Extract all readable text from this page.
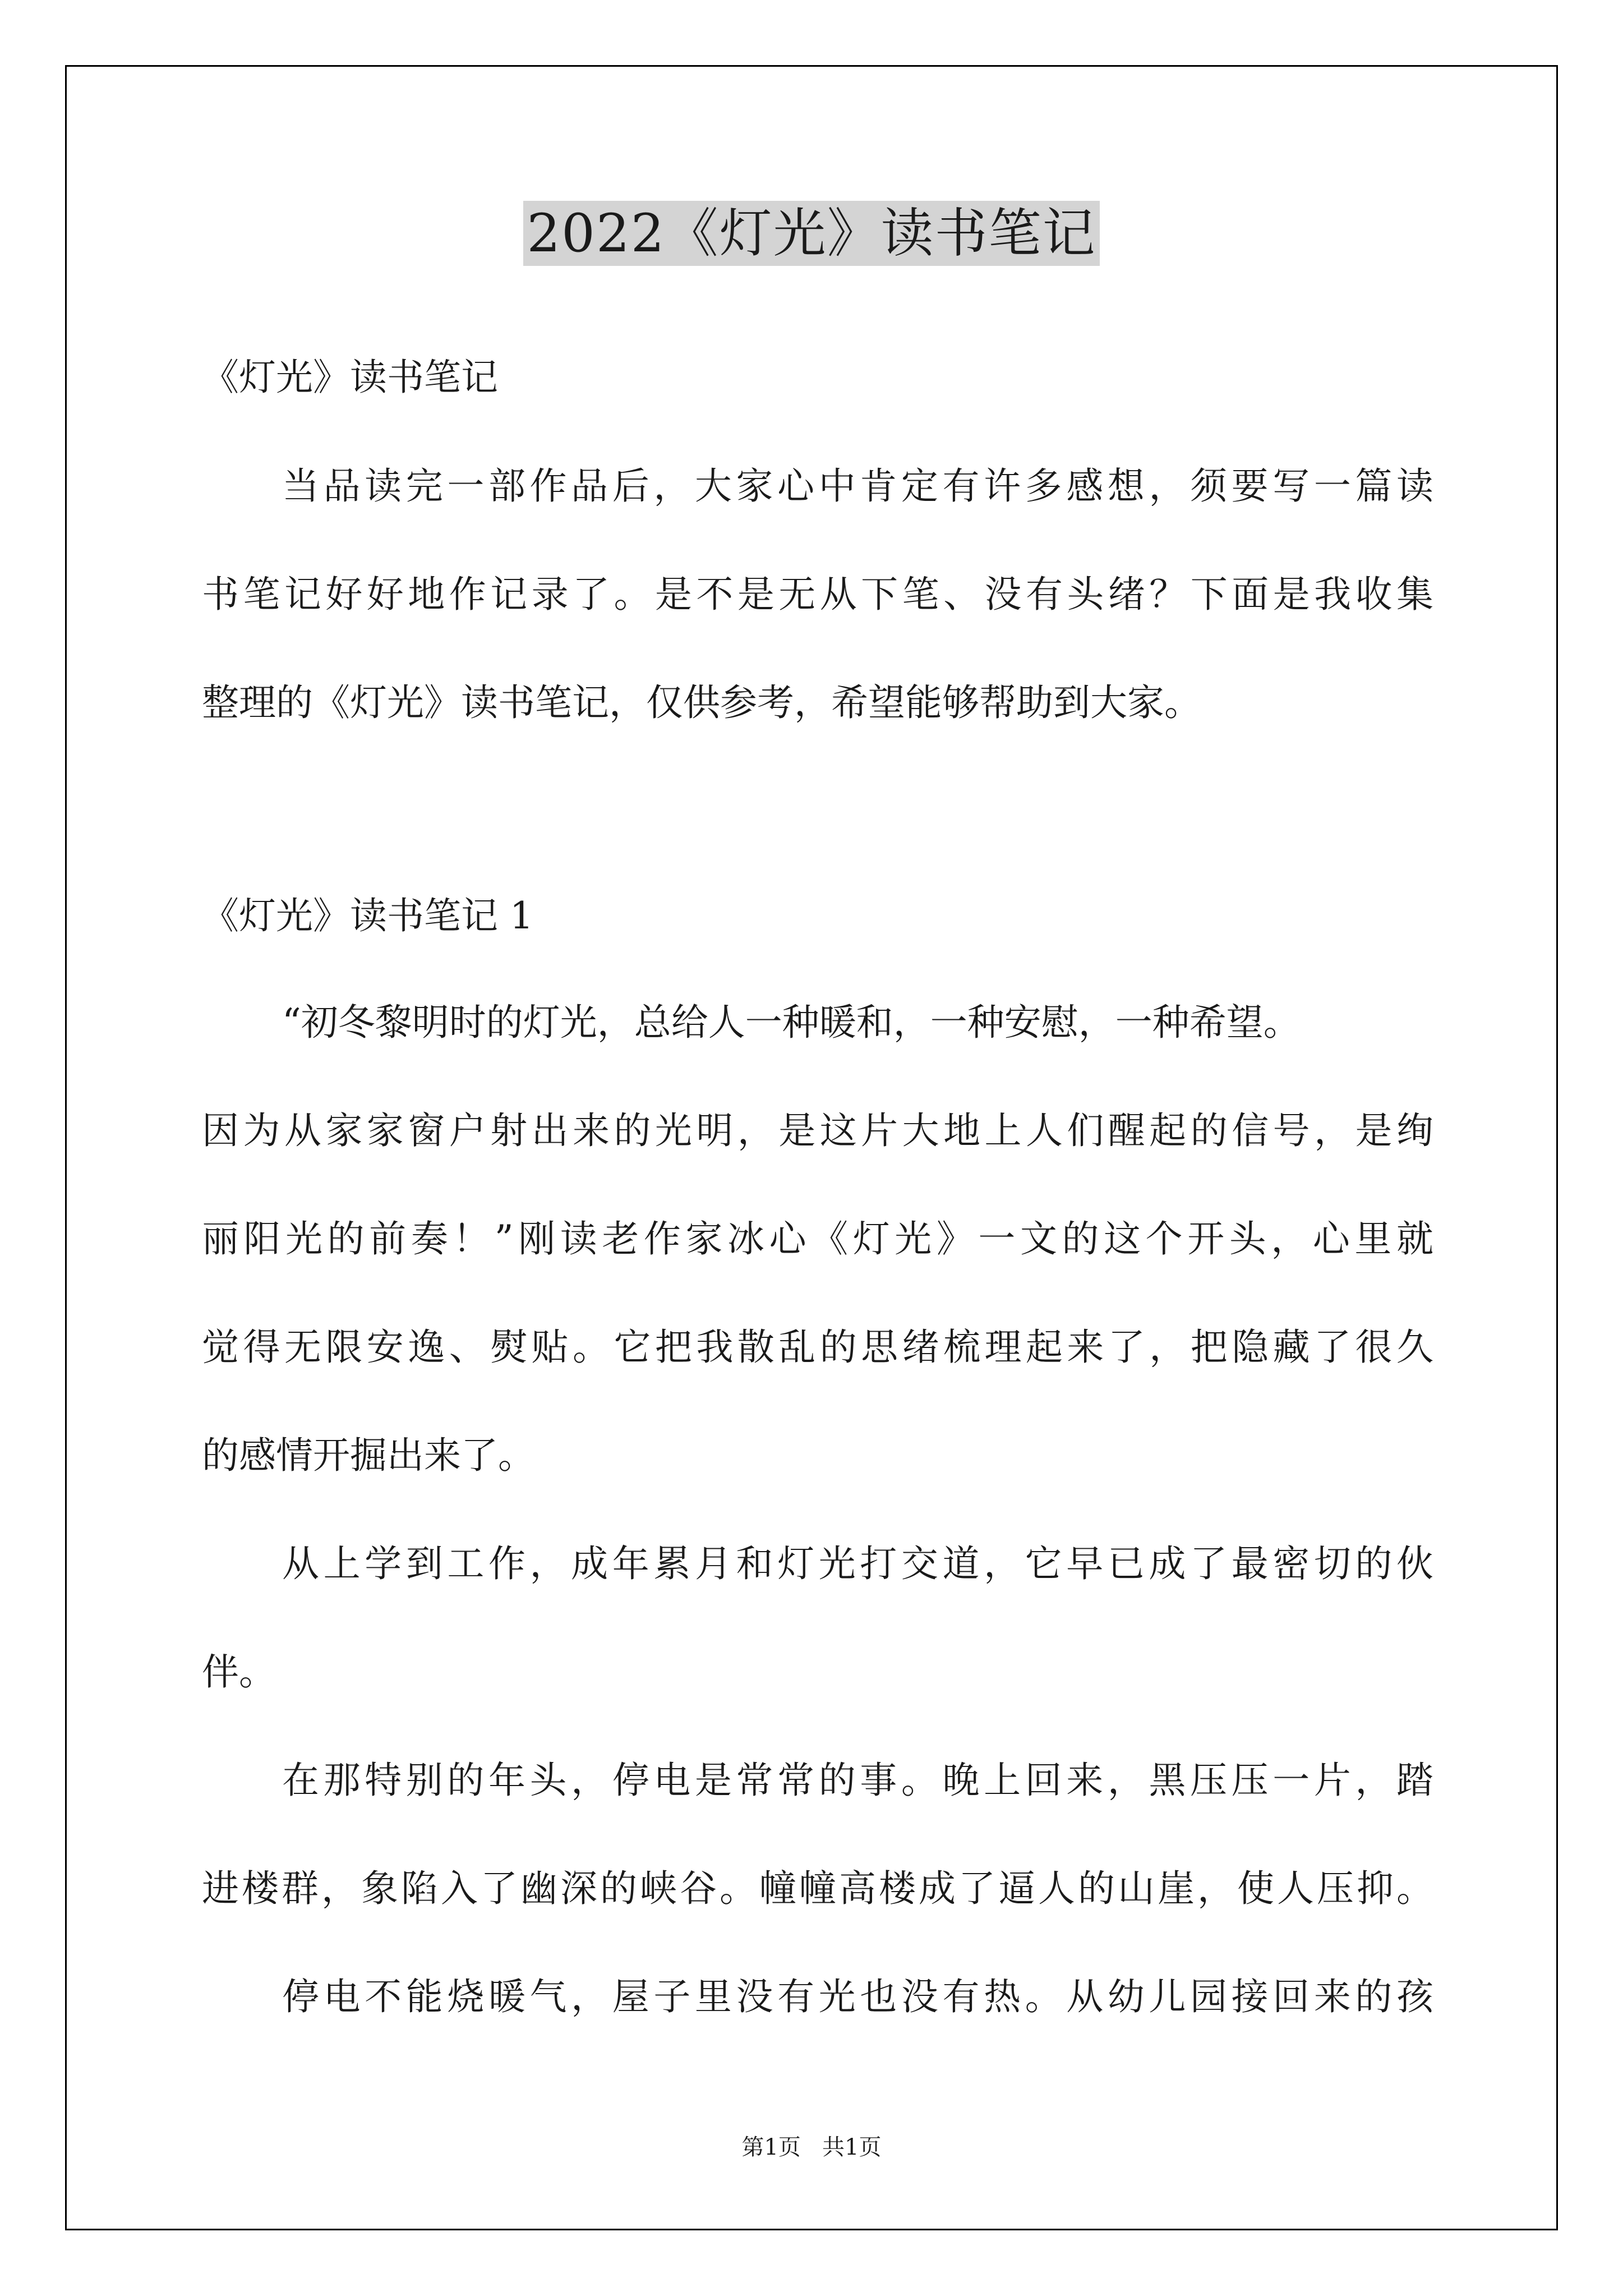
2022《灯光》读书笔记
《灯光》读书笔记
当品读完一部作品后，大家心中肯定有许多感想，须要写一篇读
书笔记好好地作记录了。是不是无从下笔、没有头绪？下面是我收集
整理的《灯光》读书笔记，仅供参考，希望能够帮助到大家。
《灯光》读书笔记 1
“初冬黎明时的灯光，总给人一种暖和，一种安慰，一种希望。
因为从家家窗户射出来的光明，是这片大地上人们醒起的信号，是绚
丽阳光的前奏！”刚读老作家冰心《灯光》一文的这个开头，心里就
觉得无限安逸、熨贴。它把我散乱的思绪梳理起来了，把隐藏了很久
的感情开掘出来了。
从上学到工作，成年累月和灯光打交道，它早已成了最密切的伙
伴。
在那特别的年头，停电是常常的事。晚上回来，黑压压一片，踏
进楼群，象陷入了幽深的峡谷。幢幢高楼成了逼人的山崖，使人压抑。
停电不能烧暖气，屋子里没有光也没有热。从幼儿园接回来的孩
第1页   共1页
